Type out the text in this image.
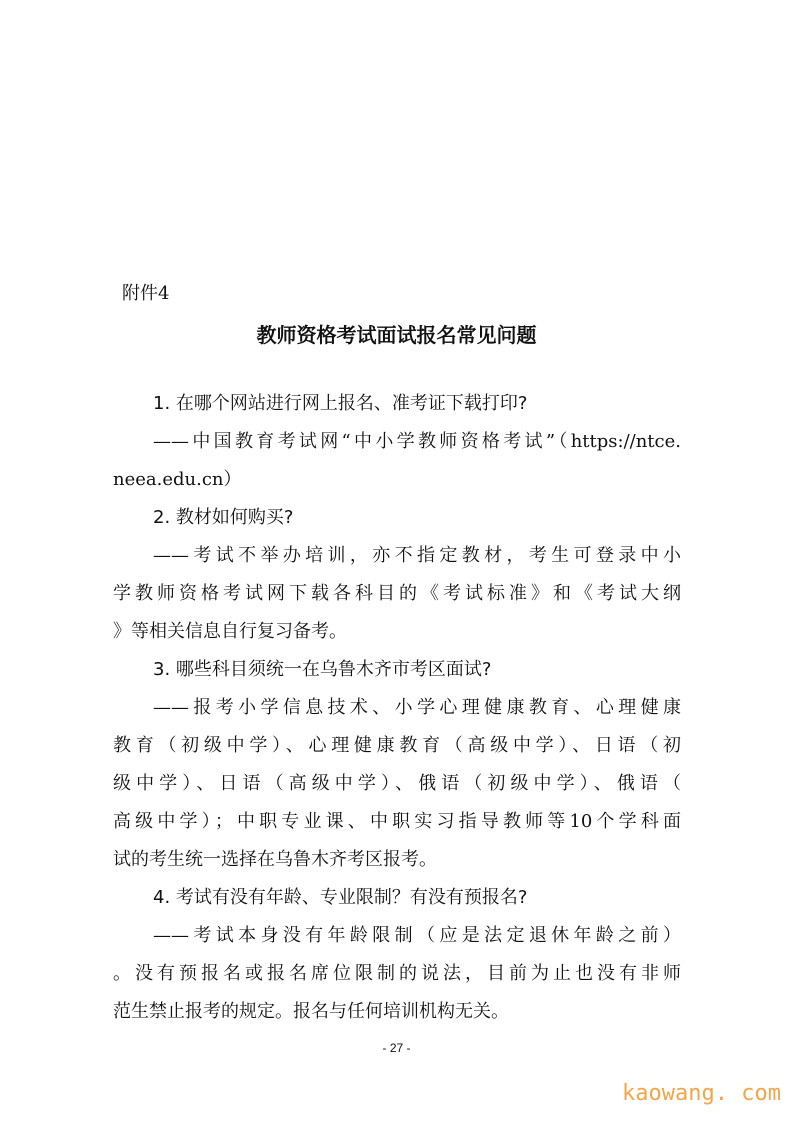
附件4
教师资格考试面试报名常见问题
1. 在哪个网站进行网上报名、准考证下载打印?
——中国教育考试网“中小学教师资格考试”（https://ntce.
neea.edu.cn）
2. 教材如何购买?
——考试不举办培训，亦不指定教材，考生可登录中小
学教师资格考试网下载各科目的《考试标准》和《考试大纲
》等相关信息自行复习备考。
3. 哪些科目须统一在乌鲁木齐市考区面试?
——报考小学信息技术、小学心理健康教育、心理健康
教育（初级中学）、心理健康教育（高级中学）、日语（初
级中学）、日语（高级中学）、俄语（初级中学）、俄语（
高级中学）；中职专业课、中职实习指导教师等10个学科面
试的考生统一选择在乌鲁木齐考区报考。
4. 考试有没有年龄、专业限制？有没有预报名?
——考试本身没有年龄限制（应是法定退休年龄之前）
。没有预报名或报名席位限制的说法，目前为止也没有非师
范生禁止报考的规定。报名与任何培训机构无关。
- 27 -
kaowang. com
